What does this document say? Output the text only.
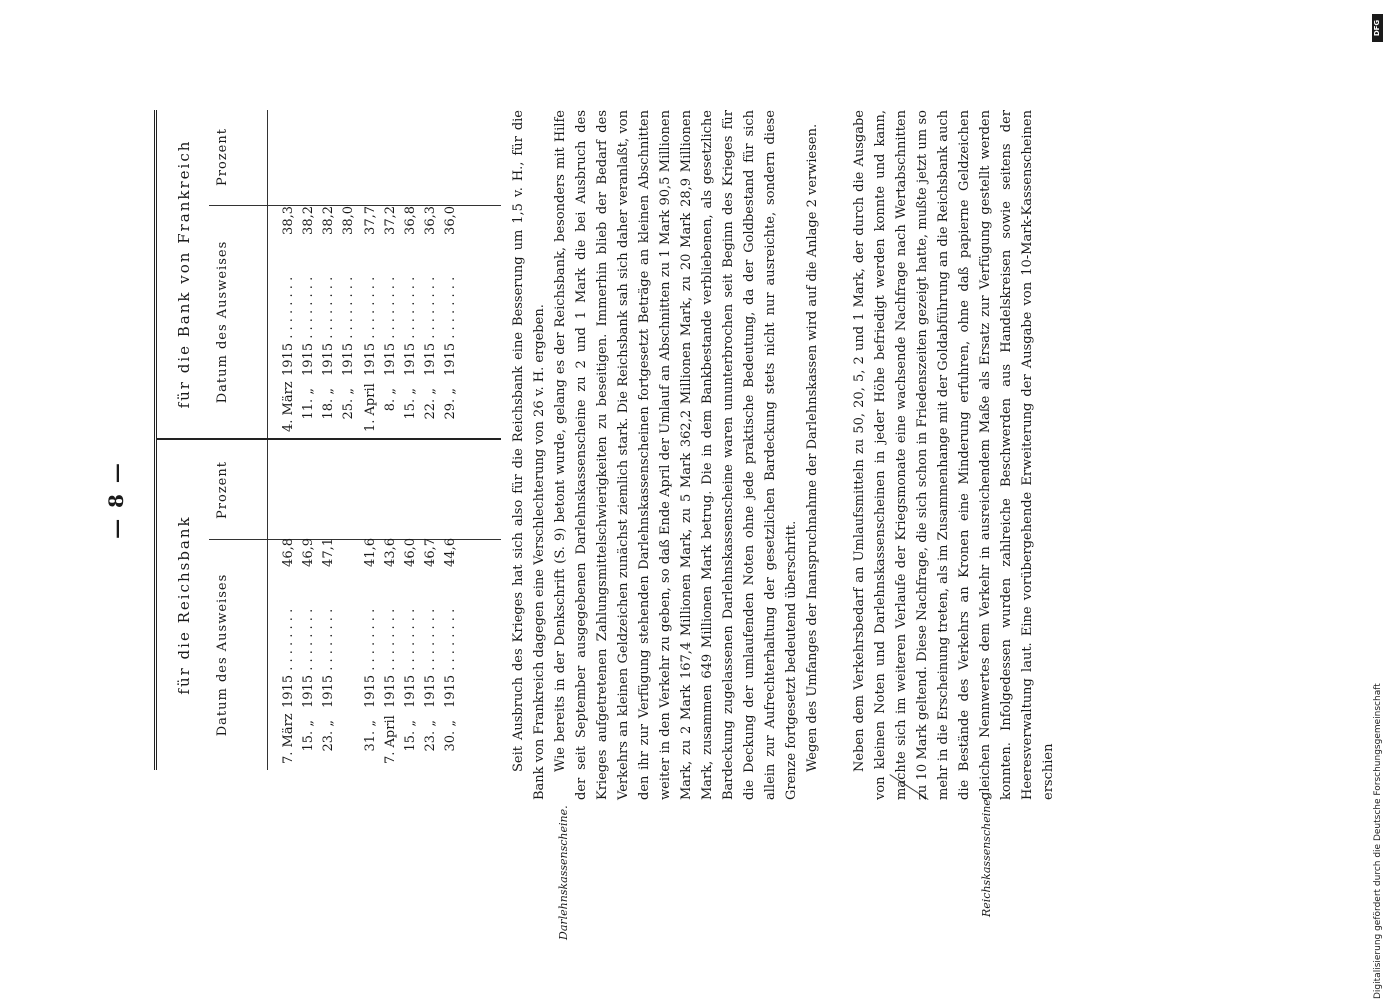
DFG
Digitalisierung gefördert durch die Deutsche Forschungsgemeinschaft
— 8 —
Darlehnskassenscheine.	Reichskassenscheine.
für die Reichsbank
für die Bank von Frankreich
Datum des Ausweises
Prozent
Datum des Ausweises
Prozent
7. März1915 . . . . . . . .46,8
15. „1915 . . . . . . . .46,9
23. „1915 . . . . . . . .47,1
31. „1915 . . . . . . . .41,6
7. April1915 . . . . . . . .43,6
15. „1915 . . . . . . . .46,0
23. „1915 . . . . . . . .46,7
30. „1915 . . . . . . . .44,6
4. März1915 . . . . . . . .38,3
11. „1915 . . . . . . . .38,2
18. „1915 . . . . . . . .38,2
25. „1915 . . . . . . . .38,0
1. April1915 . . . . . . . .37,7
8. „1915 . . . . . . . .37,2
15. „1915 . . . . . . . .36,8
22. „1915 . . . . . . . .36,3
29. „1915 . . . . . . . .36,0	Seit Ausbruch des Krieges hat sich also für die Reichsbank eine Besserung um 1,5 v. H., für die Bank von Frankreich dagegen eine Verschlechterung von 26 v. H. ergeben. Wie bereits in der Denkschrift (S. 9) betont wurde, gelang es der Reichsbank, besonders mit Hilfe der seit September ausgegebenen Darlehnskassenscheine zu 2 und 1 Mark die bei Ausbruch des Krieges aufgetretenen Zahlungsmittelschwierigkeiten zu beseitigen. Immerhin blieb der Bedarf des Verkehrs an kleinen Geldzeichen zunächst ziemlich stark. Die Reichsbank sah sich daher veranlaßt, von den ihr zur Verfügung stehenden Darlehnskassenscheinen fortgesetzt Beträge an kleinen Abschnitten weiter in den Verkehr zu geben, so daß Ende April der Umlauf an Abschnitten zu 1 Mark 90,5 Millionen Mark, zu 2 Mark 167,4 Millionen Mark, zu 5 Mark 362,2 Millionen Mark, zu 20 Mark 28,9 Millionen Mark, zusammen 649 Millionen Mark betrug. Die in dem Bankbestande verbliebenen, als gesetzliche Bardeckung zugelassenen Darlehnskassenscheine waren ununterbrochen seit Beginn des Krieges für die Deckung der umlaufenden Noten ohne jede praktische Bedeutung, da der Goldbestand für sich allein zur Aufrechterhaltung der gesetzlichen Bardeckung stets nicht nur ausreichte, sondern diese Grenze fortgesetzt bedeutend überschritt. Wegen des Umfanges der Inanspruchnahme der Darlehnskassen wird auf die Anlage 2 verwiesen. Neben dem Verkehrsbedarf an Umlaufsmitteln zu 50, 20, 5, 2 und 1 Mark, der durch die Ausgabe von kleinen Noten und Darlehnskassenscheinen in jeder Höhe befriedigt werden konnte und kann, machte sich im weiteren Verlaufe der Kriegsmonate eine wachsende Nachfrage nach Wertabschnitten zu 10 Mark geltend. Diese Nachfrage, die sich schon in Friedenszeiten gezeigt hatte, mußte jetzt um so mehr in die Erscheinung treten, als im Zusammenhange mit der Goldabführung an die Reichsbank auch die Bestände des Verkehrs an Kronen eine Minderung erfuhren, ohne daß papierne Geldzeichen gleichen Nennwertes dem Verkehr in ausreichendem Maße als Ersatz zur Verfügung gestellt werden konnten. Infolgedessen wurden zahlreiche Beschwerden aus Handelskreisen sowie seitens der Heeresverwaltung laut. Eine vorübergehende Erweiterung der Ausgabe von 10-Mark-Kassenscheinen erschien
